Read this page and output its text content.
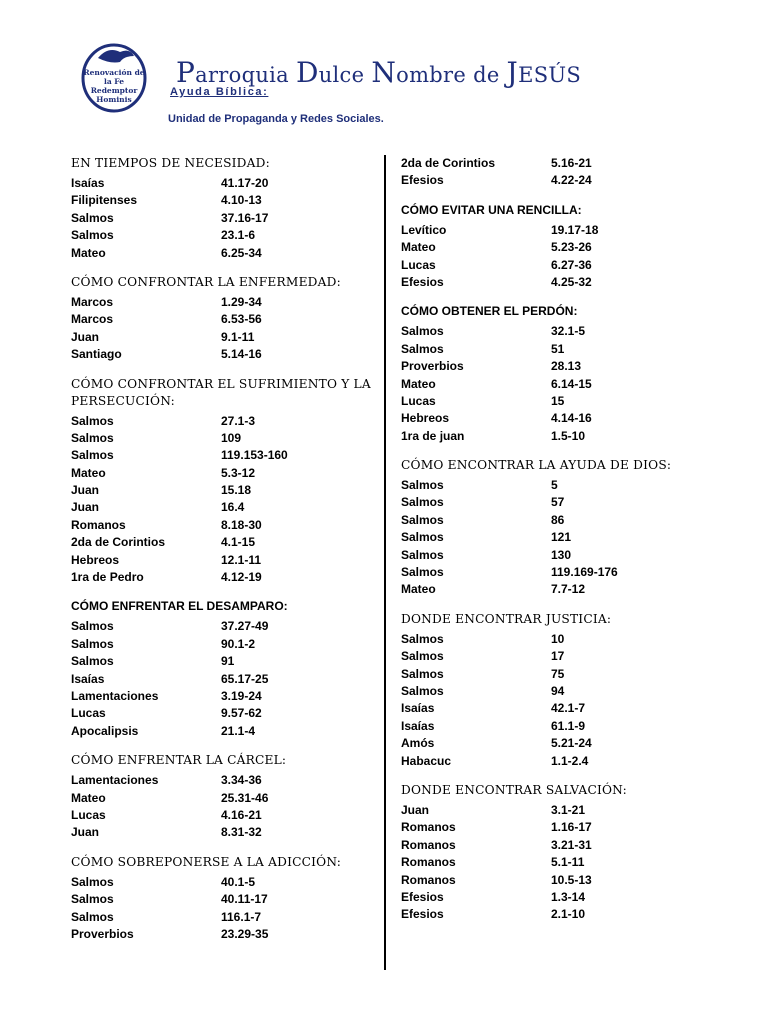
Renovación de
la Fe
Redemptor
Hominis
Parroquia Dulce Nombre de JESÚS
Ayuda Bíblica:
Unidad de Propaganda y Redes Sociales.
EN TIEMPOS DE NECESIDAD:
Isaías	41.17-20
Filipitenses	4.10-13
Salmos	37.16-17
Salmos	23.1-6
Mateo	6.25-34
CÓMO CONFRONTAR LA ENFERMEDAD:
Marcos	1.29-34
Marcos	6.53-56
Juan	9.1-11
Santiago	5.14-16
CÓMO CONFRONTAR EL SUFRIMIENTO Y LA PERSECUCIÓN:
Salmos	27.1-3
Salmos	109
Salmos	119.153-160
Mateo	5.3-12
Juan	15.18
Juan	16.4
Romanos	8.18-30
2da de Corintios	4.1-15
Hebreos	12.1-11
1ra de Pedro	4.12-19
CÓMO ENFRENTAR EL DESAMPARO:
Salmos	37.27-49
Salmos	90.1-2
Salmos	91
Isaías	65.17-25
Lamentaciones	3.19-24
Lucas	9.57-62
Apocalipsis	21.1-4
CÓMO ENFRENTAR LA CÁRCEL:
Lamentaciones	3.34-36
Mateo	25.31-46
Lucas	4.16-21
Juan	8.31-32
CÓMO SOBREPONERSE A LA ADICCIÓN:
Salmos	40.1-5
Salmos	40.11-17
Salmos	116.1-7
Proverbios	23.29-35
2da de Corintios	5.16-21
Efesios	4.22-24
CÓMO EVITAR UNA RENCILLA:
Levítico	19.17-18
Mateo	5.23-26
Lucas	6.27-36
Efesios	4.25-32
CÓMO OBTENER EL PERDÓN:
Salmos	32.1-5
Salmos	51
Proverbios	28.13
Mateo	6.14-15
Lucas	15
Hebreos	4.14-16
1ra de juan	1.5-10
CÓMO ENCONTRAR LA AYUDA DE DIOS:
Salmos	5
Salmos	57
Salmos	86
Salmos	121
Salmos	130
Salmos	119.169-176
Mateo	7.7-12
DONDE ENCONTRAR JUSTICIA:
Salmos	10
Salmos	17
Salmos	75
Salmos	94
Isaías	42.1-7
Isaías	61.1-9
Amós	5.21-24
Habacuc	1.1-2.4
DONDE ENCONTRAR SALVACIÓN:
Juan	3.1-21
Romanos	1.16-17
Romanos	3.21-31
Romanos	5.1-11
Romanos	10.5-13
Efesios	1.3-14
Efesios	2.1-10
